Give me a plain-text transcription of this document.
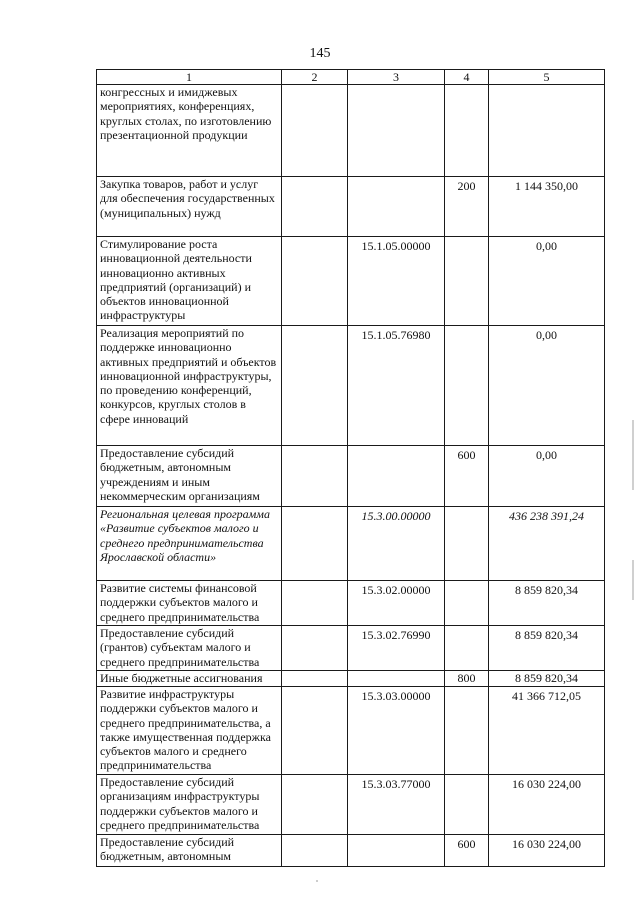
145
1	2	3	4	5
конгрессных и имиджевых мероприятиях, конференциях, круглых столах, по изготовлению презентационной продукции				
Закупка товаров, работ и услуг для обеспечения государственных (муниципальных) нужд			200	1 144 350,00
Стимулирование роста инновационной деятельности инновационно активных предприятий (организаций) и объектов инновационной инфраструктуры		15.1.05.00000		0,00
Реализация мероприятий по поддержке инновационно активных предприятий и объектов инновационной инфраструктуры, по проведению конференций, конкурсов, круглых столов в сфере инноваций		15.1.05.76980		0,00
Предоставление субсидий бюджетным, автономным учреждениям и иным некоммерческим организациям			600	0,00
Региональная целевая программа «Развитие субъектов малого и среднего предпринимательства Ярославской области»		15.3.00.00000		436 238 391,24
Развитие системы финансовой поддержки субъектов малого и среднего предпринимательства		15.3.02.00000		8 859 820,34
Предоставление субсидий (грантов) субъектам малого и среднего предпринимательства		15.3.02.76990		8 859 820,34
Иные бюджетные ассигнования			800	8 859 820,34
Развитие инфраструктуры поддержки субъектов малого и среднего предпринимательства, а также имущественная поддержка субъектов малого и среднего предпринимательства		15.3.03.00000		41 366 712,05
Предоставление субсидий организациям инфраструктуры поддержки субъектов малого и среднего предпринимательства		15.3.03.77000		16 030 224,00
Предоставление субсидий бюджетным, автономным			600	16 030 224,00
